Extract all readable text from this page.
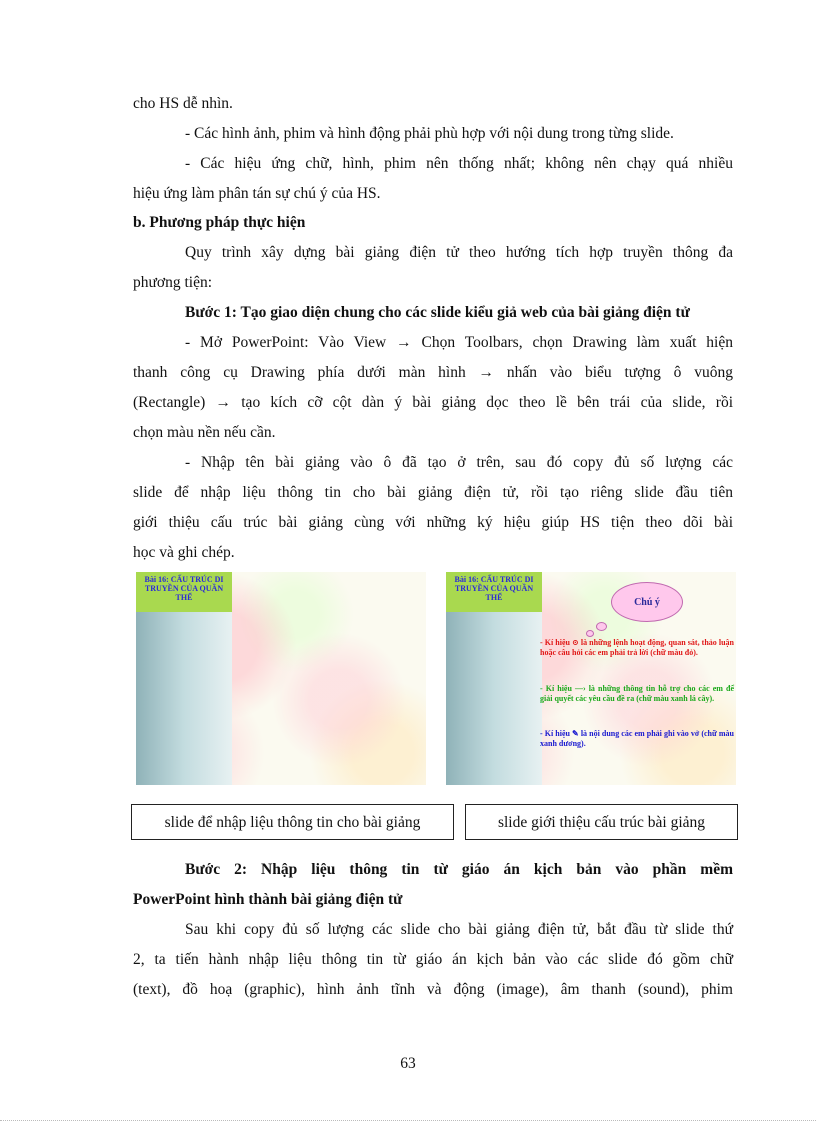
cho HS dễ nhìn.

- Các hình ảnh, phim và hình động phải phù hợp với nội dung trong từng slide.

- Các hiệu ứng chữ, hình, phim nên thống nhất; không nên chạy quá nhiều

hiệu ứng làm phân tán sự chú ý của HS.

b. Phương pháp thực hiện

Quy trình xây dựng bài giảng điện tử theo hướng tích hợp truyền thông đa

phương tiện:

Bước 1: Tạo giao diện chung cho các slide kiểu giả web của bài giảng điện tử

- Mở PowerPoint: Vào View → Chọn Toolbars, chọn Drawing làm xuất hiện

thanh công cụ Drawing phía dưới màn hình → nhấn vào biểu tượng ô vuông

(Rectangle) → tạo kích cỡ cột dàn ý bài giảng dọc theo lề bên trái của slide, rồi

chọn màu nền nếu cần.

- Nhập tên bài giảng vào ô đã tạo ở trên, sau đó copy đủ số lượng các

slide để nhập liệu thông tin cho bài giảng điện tử, rồi tạo riêng slide đầu tiên

giới thiệu cấu trúc bài giảng cùng với những ký hiệu giúp HS tiện theo dõi bài

học và ghi chép.

Bài 16: CẤU TRÚC DI TRUYỀN CỦA QUẦN THỂ
Bài 16: CẤU TRÚC DI TRUYỀN CỦA QUẦN THỂ	Chú ý
- Kí hiệu ⊙ là những lệnh hoạt động, quan sát, thảo luận hoặc câu hỏi các em phải trả lời (chữ màu đỏ).
- Kí hiệu —› là những thông tin hỗ trợ cho các em để giải quyết các yêu cầu đề ra (chữ màu xanh lá cây).
- Kí hiệu ✎ là nội dung các em phải ghi vào vở (chữ màu xanh dương).
slide để nhập liệu thông tin cho bài giảng	slide giới thiệu cấu trúc bài giảng

Bước 2: Nhập liệu thông tin từ giáo án kịch bản vào phần mềm

PowerPoint hình thành bài giảng điện tử

Sau khi copy đủ số lượng các slide cho bài giảng điện tử, bắt đầu từ slide thứ

2, ta tiến hành nhập liệu thông tin từ giáo án kịch bản vào các slide đó gồm chữ

(text), đồ hoạ (graphic), hình ảnh tĩnh và động (image), âm thanh (sound), phim

63
